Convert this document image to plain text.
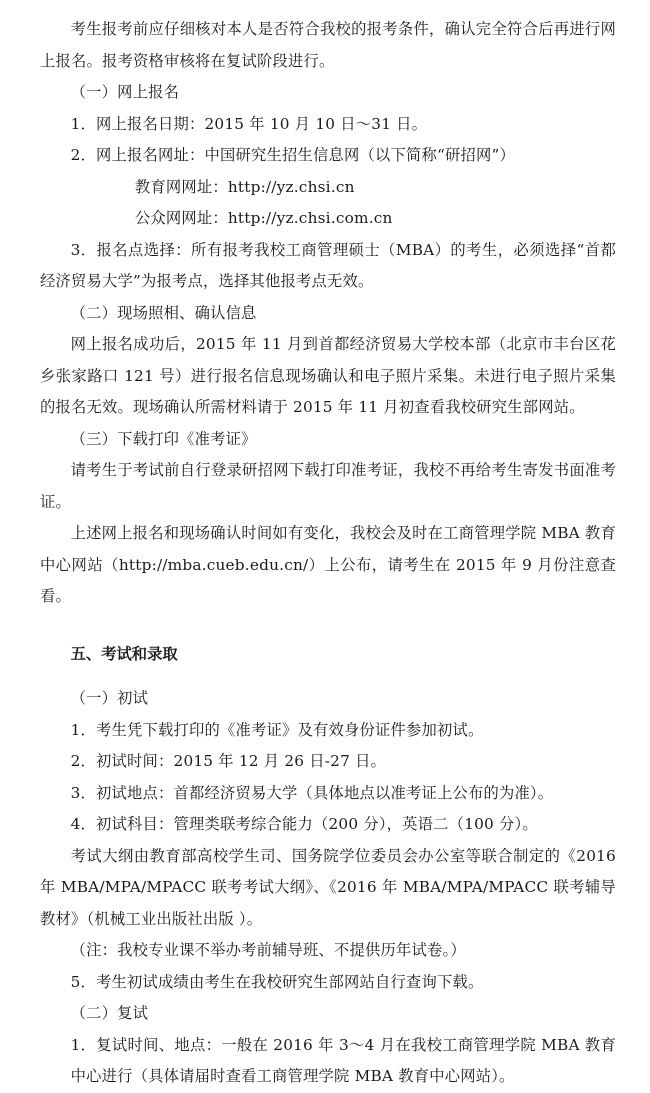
考生报考前应仔细核对本人是否符合我校的报考条件，确认完全符合后再进行网上报名。报考资格审核将在复试阶段进行。

（一）网上报名

1．网上报名日期：2015 年 10 月 10 日～31 日。

2．网上报名网址：中国研究生招生信息网（以下简称“研招网”）

教育网网址：http://yz.chsi.cn

公众网网址：http://yz.chsi.com.cn

3．报名点选择：所有报考我校工商管理硕士（MBA）的考生，必须选择“首都经济贸易大学”为报考点，选择其他报考点无效。

（二）现场照相、确认信息

网上报名成功后，2015 年 11 月到首都经济贸易大学校本部（北京市丰台区花乡张家路口 121 号）进行报名信息现场确认和电子照片采集。未进行电子照片采集的报名无效。现场确认所需材料请于 2015 年 11 月初查看我校研究生部网站。

（三）下载打印《准考证》

请考生于考试前自行登录研招网下载打印准考证，我校不再给考生寄发书面准考证。

上述网上报名和现场确认时间如有变化，我校会及时在工商管理学院 MBA 教育中心网站（http://mba.cueb.edu.cn/）上公布，请考生在 2015 年 9 月份注意查看。

五、考试和录取

（一）初试

1．考生凭下载打印的《准考证》及有效身份证件参加初试。

2．初试时间：2015 年 12 月 26 日-27 日。

3．初试地点：首都经济贸易大学（具体地点以准考证上公布的为准）。

4．初试科目：管理类联考综合能力（200 分），英语二（100 分）。

考试大纲由教育部高校学生司、国务院学位委员会办公室等联合制定的《2016 年 MBA/MPA/MPACC 联考考试大纲》、《2016 年 MBA/MPA/MPACC 联考辅导教材》（机械工业出版社出版 ）。

（注：我校专业课不举办考前辅导班、不提供历年试卷。）

5．考生初试成绩由考生在我校研究生部网站自行查询下载。

（二）复试

1．复试时间、地点：一般在 2016 年 3～4 月在我校工商管理学院 MBA 教育中心进行（具体请届时查看工商管理学院 MBA 教育中心网站）。
